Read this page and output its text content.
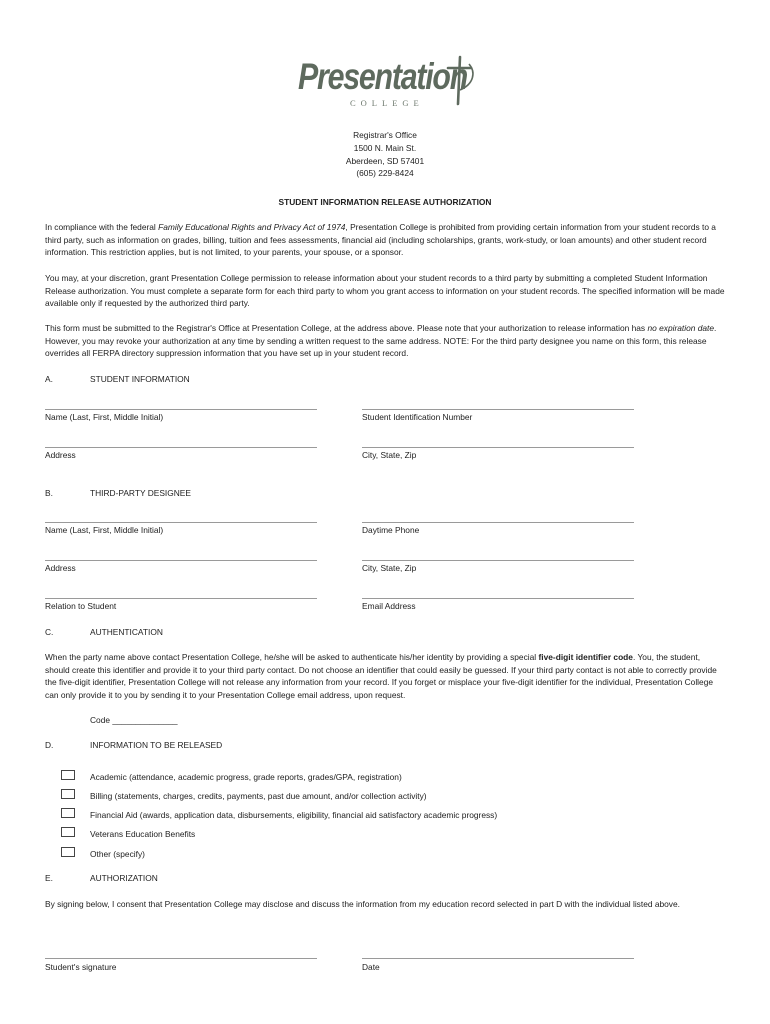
Presentation
COLLEGE
Registrar's Office
1500 N. Main St.
Aberdeen, SD 57401
(605) 229-8424
STUDENT INFORMATION RELEASE AUTHORIZATION

In compliance with the federal Family Educational Rights and Privacy Act of 1974, Presentation College is prohibited from providing certain information from your student records to a third party, such as information on grades, billing, tuition and fees assessments, financial aid (including scholarships, grants, work-study, or loan amounts) and other student record information. This restriction applies, but is not limited, to your parents, your spouse, or a sponsor.

You may, at your discretion, grant Presentation College permission to release information about your student records to a third party by submitting a completed Student Information Release authorization. You must complete a separate form for each third party to whom you grant access to information on your student records. The specified information will be made available only if requested by the authorized third party.

This form must be submitted to the Registrar's Office at Presentation College, at the address above. Please note that your authorization to release information has no expiration date. However, you may revoke your authorization at any time by sending a written request to the same address. NOTE: For the third party designee you name on this form, this release overrides all FERPA directory suppression information that you have set up in your student record.

A.	STUDENT INFORMATION
Name (Last, First, Middle Initial)	Student Identification Number
Address	City, State, Zip
B.	THIRD-PARTY DESIGNEE
Name (Last, First, Middle Initial)	Daytime Phone
Address	City, State, Zip
Relation to Student	Email Address
C.	AUTHENTICATION

When the party name above contact Presentation College, he/she will be asked to authenticate his/her identity by providing a special five-digit identifier code. You, the student, should create this identifier and provide it to your third party contact. Do not choose an identifier that could easily be guessed. If your third party contact is not able to correctly provide the five-digit identifier, Presentation College will not release any information from your record. If you forget or misplace your five-digit identifier for the individual, Presentation College can only provide it to you by sending it to your Presentation College email address, upon request.

Code ______________
D.	INFORMATION TO BE RELEASED
Academic (attendance, academic progress, grade reports, grades/GPA, registration)
Billing (statements, charges, credits, payments, past due amount, and/or collection activity)
Financial Aid (awards, application data, disbursements, eligibility, financial aid satisfactory academic progress)
Veterans Education Benefits
Other (specify)
E.	AUTHORIZATION

By signing below, I consent that Presentation College may disclose and discuss the information from my education record selected in part D with the individual listed above.

Student's signature	Date
